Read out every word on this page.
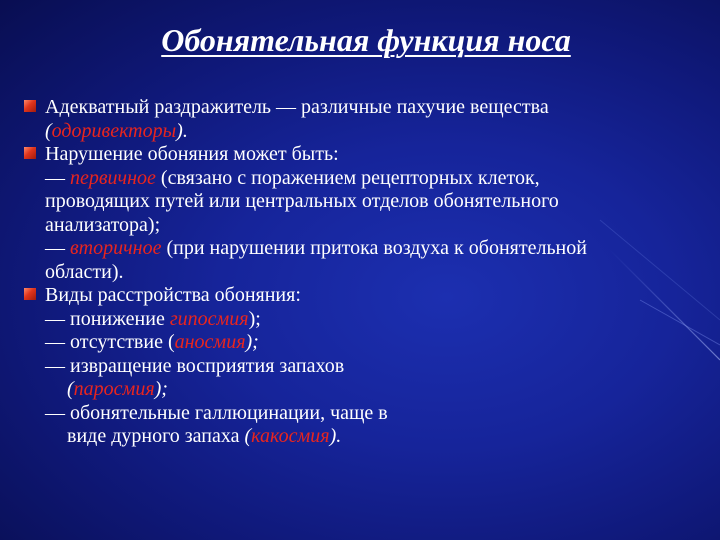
Обонятельная функция носа
Адекватный раздражитель — различные пахучие вещества
(одоривекторы).
Нарушение обоняния может быть:
— первичное (связано с поражением рецепторных клеток,
проводящих путей или центральных отделов обонятельного
анализатора);
— вторичное (при нарушении притока воздуха к обонятельной
области).
Виды расстройства обоняния:
— понижение гипосмия);
— отсутствие (аносмия);
— извращение восприятия запахов
(паросмия);
— обонятельные галлюцинации, чаще в
виде дурного запаха (какосмия).
